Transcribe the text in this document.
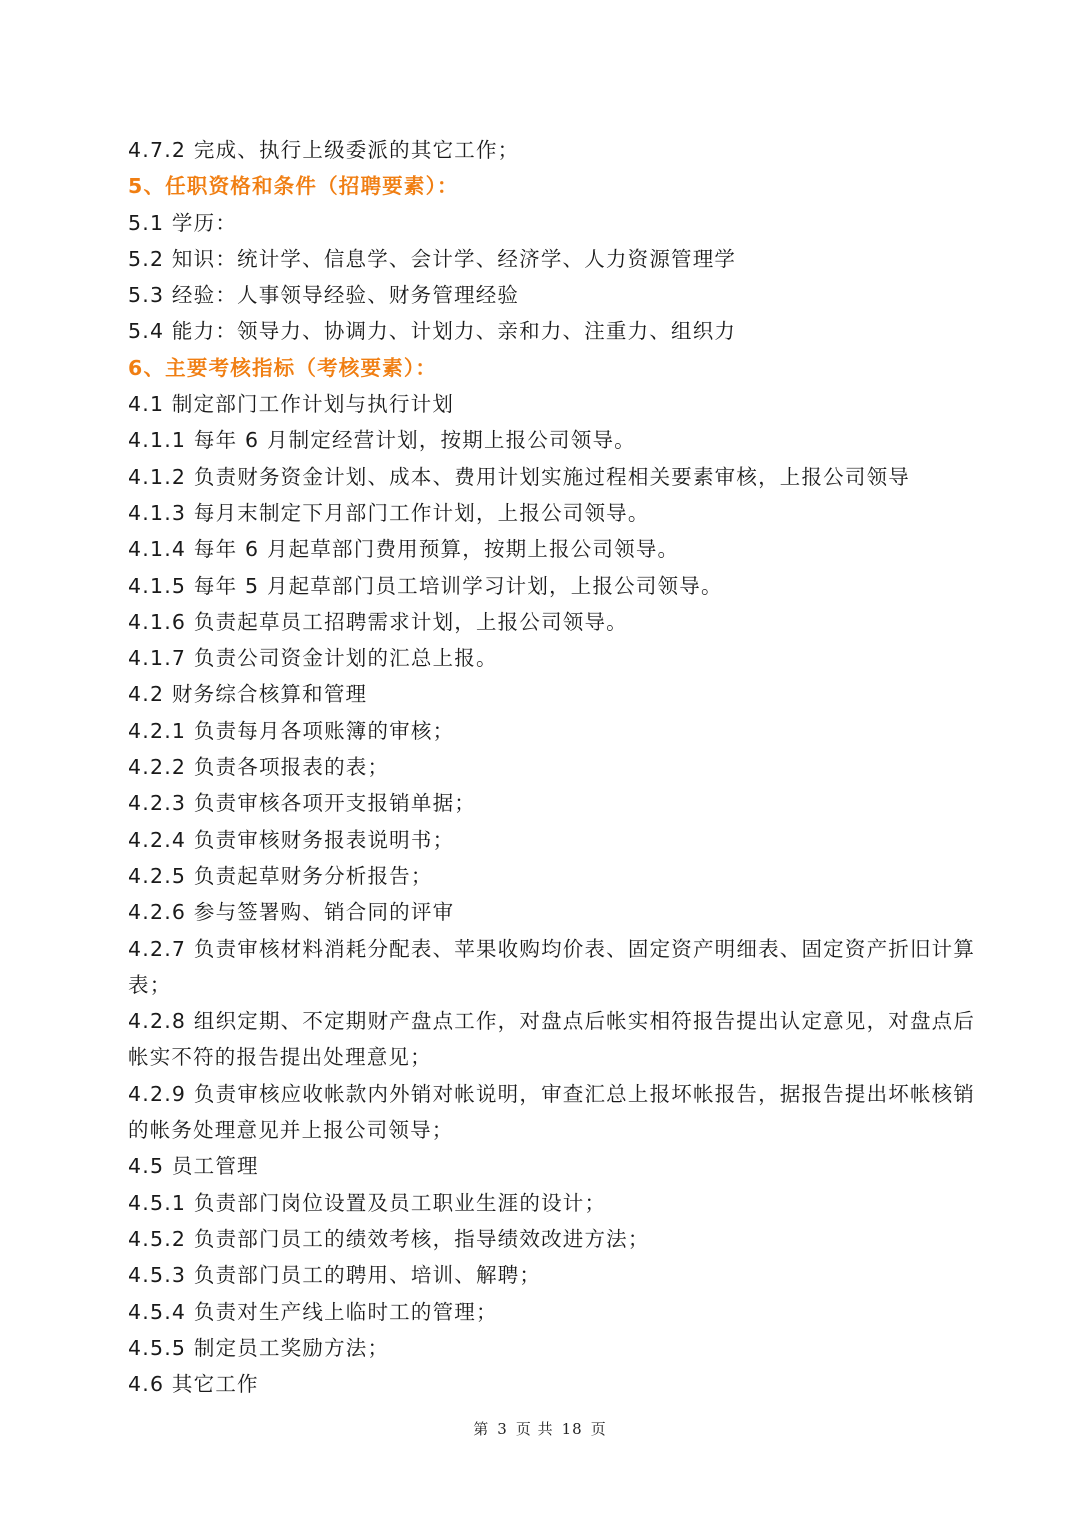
4.7.2 完成、执行上级委派的其它工作；
5、任职资格和条件（招聘要素）：
5.1 学历：
5.2 知识：统计学、信息学、会计学、经济学、人力资源管理学
5.3 经验：人事领导经验、财务管理经验
5.4 能力：领导力、协调力、计划力、亲和力、注重力、组织力
6、主要考核指标（考核要素）：
4.1 制定部门工作计划与执行计划
4.1.1 每年 6 月制定经营计划，按期上报公司领导。
4.1.2 负责财务资金计划、成本、费用计划实施过程相关要素审核，上报公司领导
4.1.3 每月末制定下月部门工作计划，上报公司领导。
4.1.4 每年 6 月起草部门费用预算，按期上报公司领导。
4.1.5 每年 5 月起草部门员工培训学习计划，上报公司领导。
4.1.6 负责起草员工招聘需求计划，上报公司领导。
4.1.7 负责公司资金计划的汇总上报。
4.2 财务综合核算和管理
4.2.1 负责每月各项账簿的审核；
4.2.2 负责各项报表的表；
4.2.3 负责审核各项开支报销单据；
4.2.4 负责审核财务报表说明书；
4.2.5 负责起草财务分析报告；
4.2.6 参与签署购、销合同的评审
4.2.7 负责审核材料消耗分配表、苹果收购均价表、固定资产明细表、固定资产折旧计算表；
4.2.8 组织定期、不定期财产盘点工作，对盘点后帐实相符报告提出认定意见，对盘点后帐实不符的报告提出处理意见；
4.2.9 负责审核应收帐款内外销对帐说明，审查汇总上报坏帐报告，据报告提出坏帐核销的帐务处理意见并上报公司领导；
4.5 员工管理
4.5.1 负责部门岗位设置及员工职业生涯的设计；
4.5.2 负责部门员工的绩效考核，指导绩效改进方法；
4.5.3 负责部门员工的聘用、培训、解聘；
4.5.4 负责对生产线上临时工的管理；
4.5.5 制定员工奖励方法；
4.6 其它工作
第 3 页 共 18 页
